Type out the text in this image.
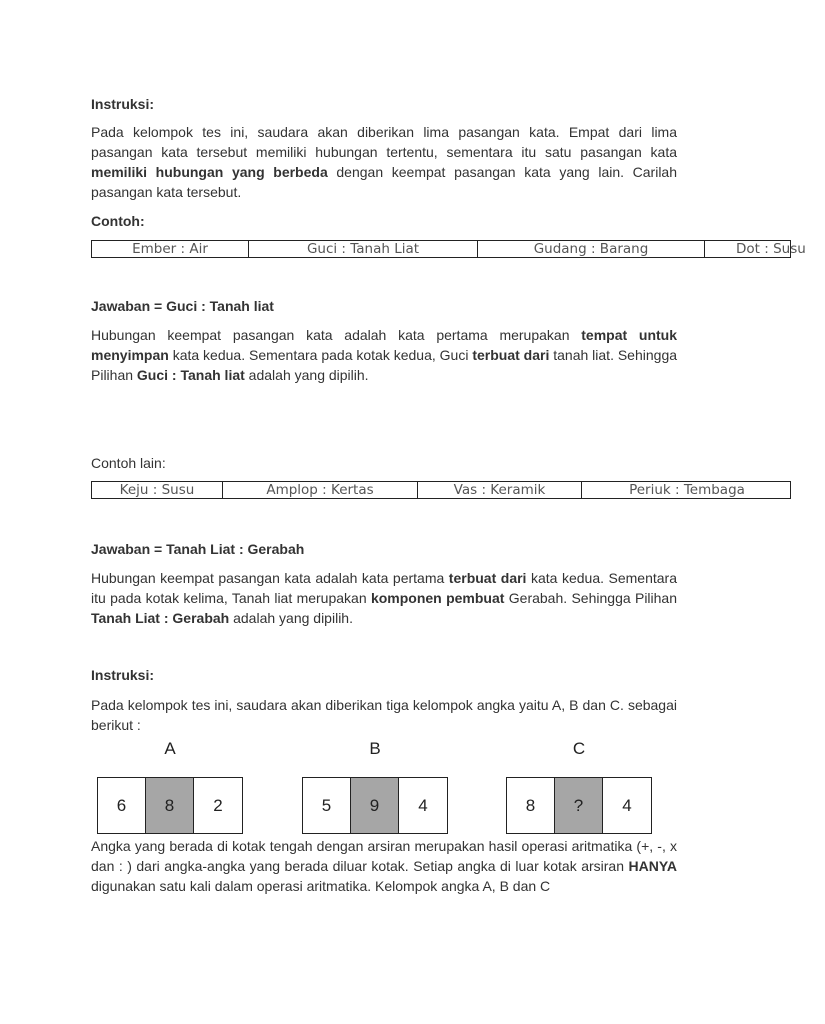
Instruksi:
Pada kelompok tes ini, saudara akan diberikan lima pasangan kata. Empat dari lima pasangan kata tersebut memiliki hubungan tertentu, sementara itu satu pasangan kata memiliki hubungan yang berbeda dengan keempat pasangan kata yang lain. Carilah pasangan kata tersebut.
Contoh:
Ember : Air	Guci : Tanah Liat	Gudang : Barang	Dot : Susu
Jawaban = Guci : Tanah liat
Hubungan keempat pasangan kata adalah kata pertama merupakan tempat untuk menyimpan kata kedua. Sementara pada kotak kedua, Guci terbuat dari tanah liat. Sehingga Pilihan Guci : Tanah liat adalah yang dipilih.
Contoh lain:
Keju : Susu	Amplop : Kertas	Vas : Keramik	Periuk : Tembaga
Jawaban = Tanah Liat : Gerabah
Hubungan keempat pasangan kata adalah kata pertama terbuat dari kata kedua. Sementara itu pada kotak kelima, Tanah liat merupakan komponen pembuat Gerabah. Sehingga Pilihan Tanah Liat : Gerabah adalah yang dipilih.
Instruksi:
Pada kelompok tes ini, saudara akan diberikan tiga kelompok angka yaitu A, B dan C. sebagai berikut :
A	B	C
6	8	2	5	9	4	8	?	4
Angka yang berada di kotak tengah dengan arsiran merupakan hasil operasi aritmatika (+, -, x dan : ) dari angka-angka yang berada diluar kotak. Setiap angka di luar kotak arsiran HANYA digunakan satu kali dalam operasi aritmatika. Kelompok angka A, B dan C
